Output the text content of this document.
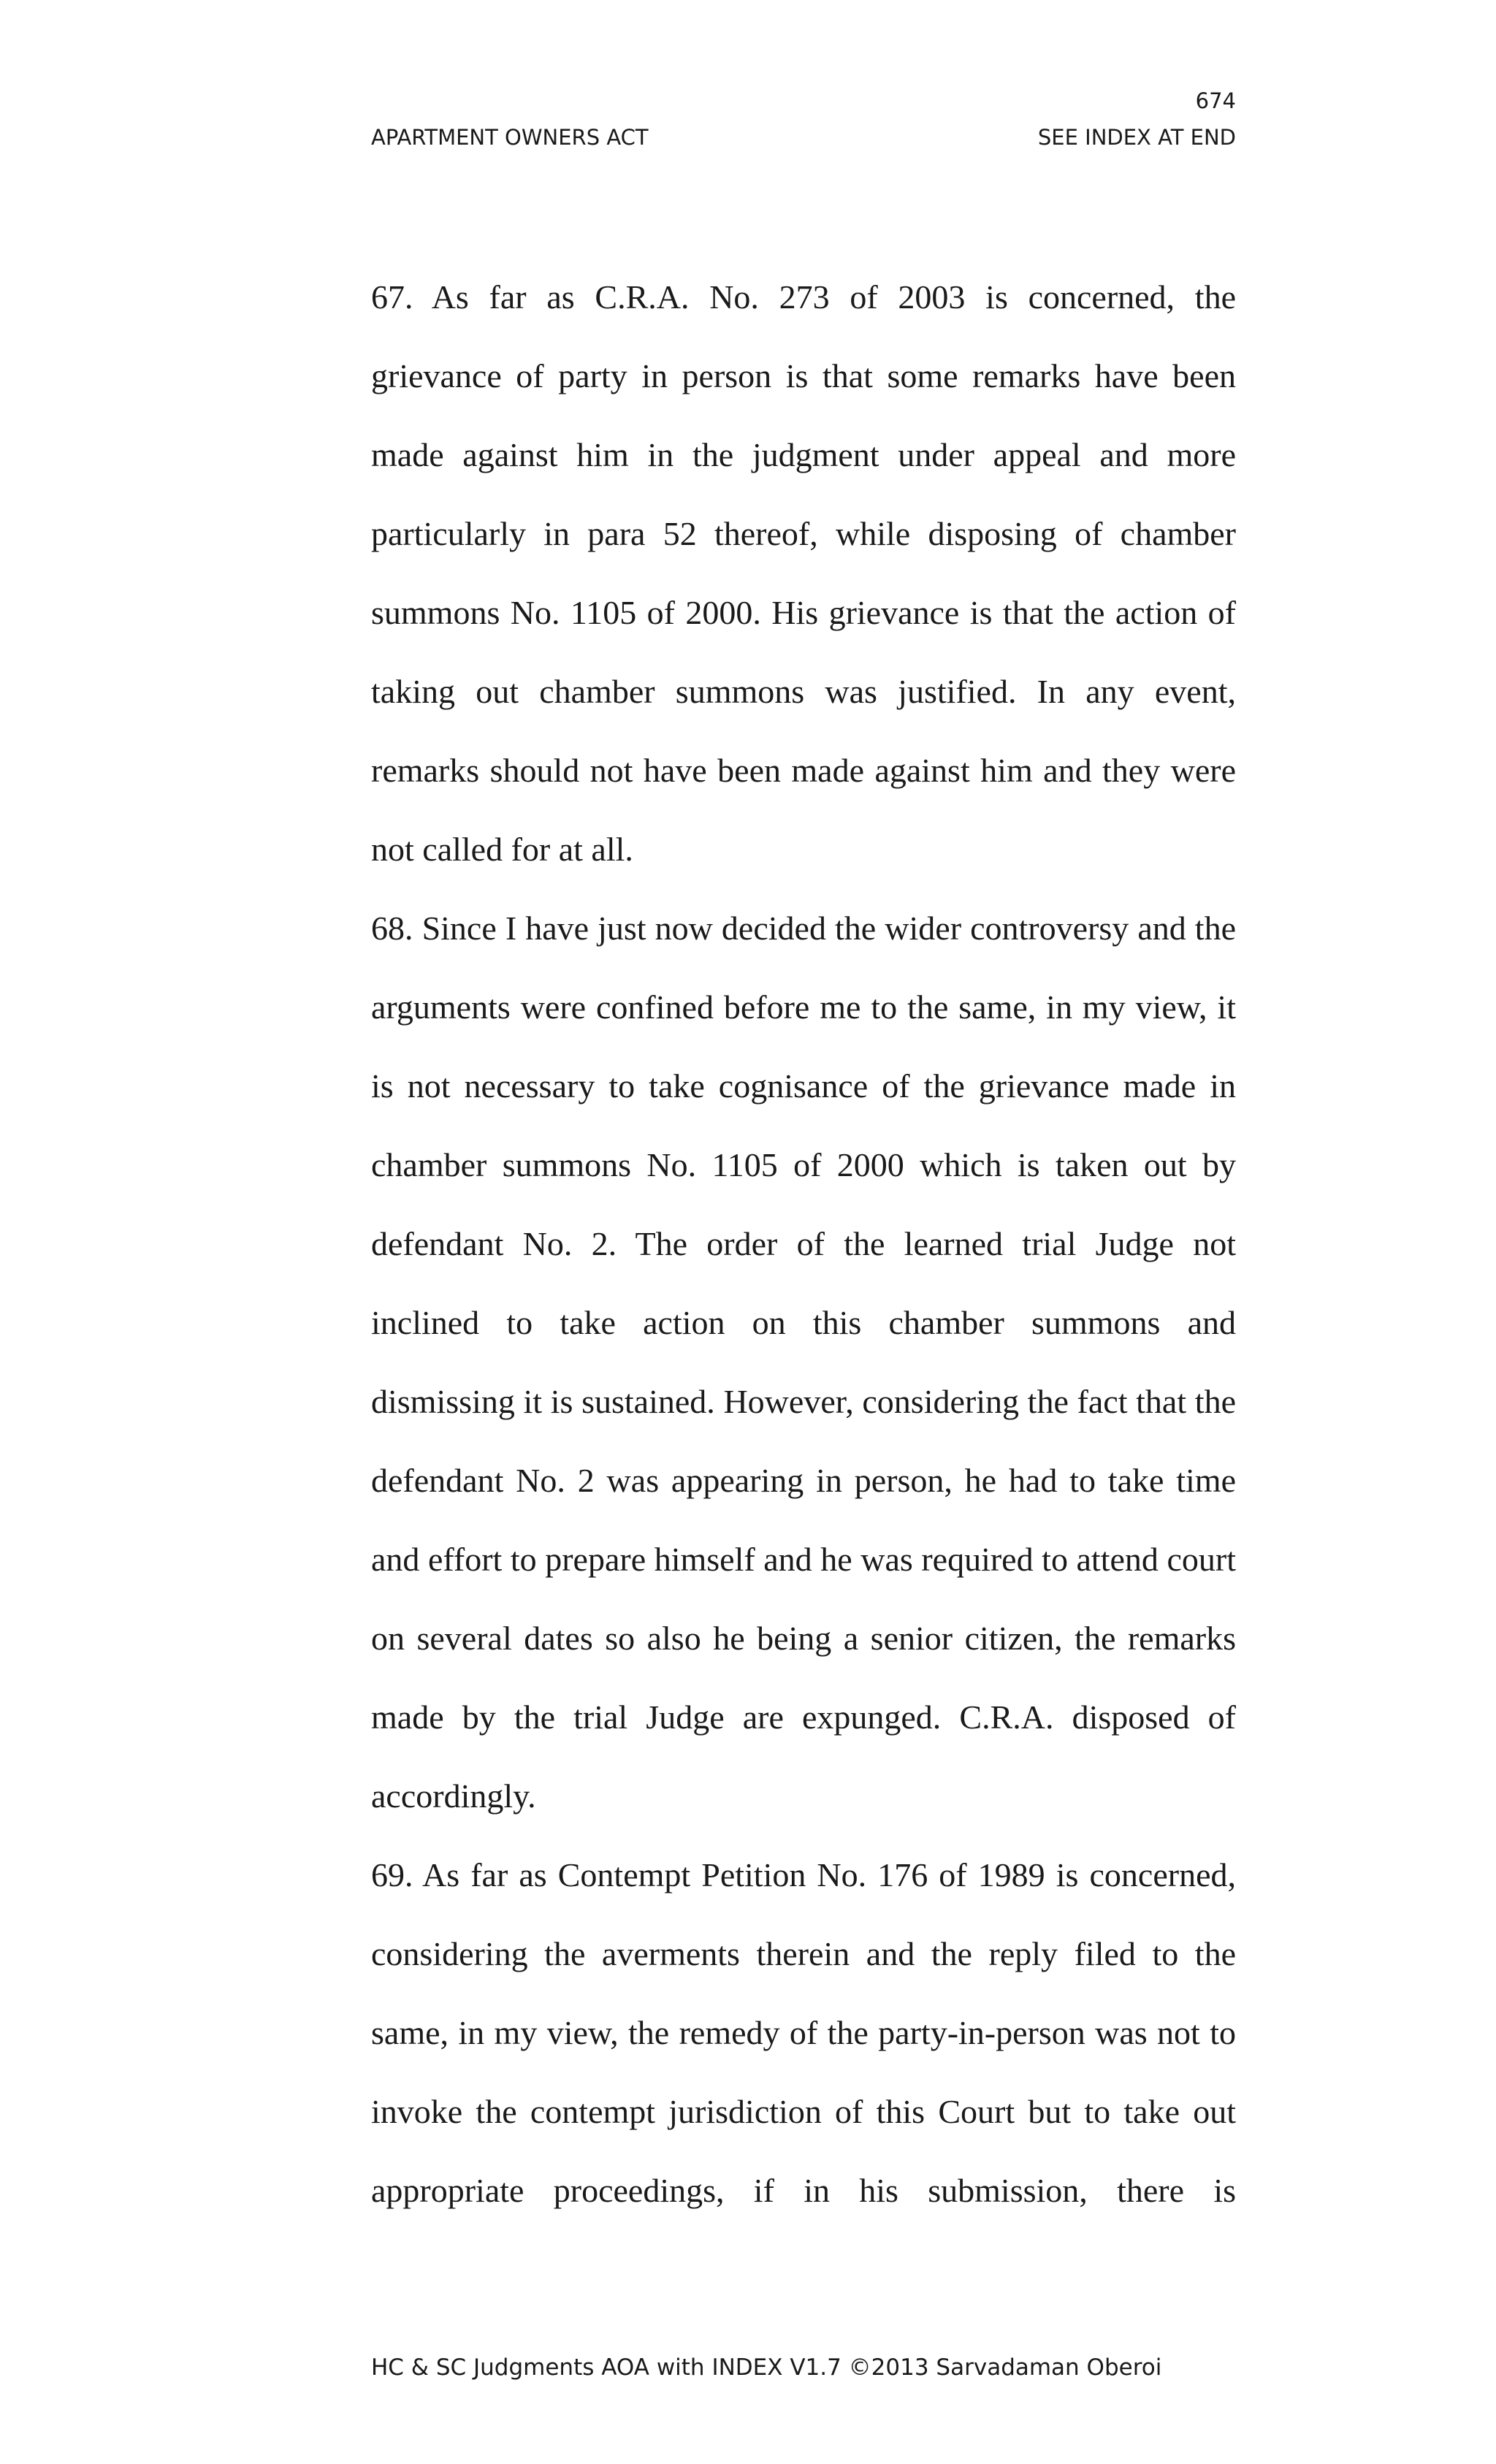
674
APARTMENT OWNERS ACT	SEE INDEX AT END

67. As far as C.R.A. No. 273 of 2003 is concerned, the grievance of party in person is that some remarks have been made against him in the judgment under appeal and more particularly in para 52 thereof, while disposing of chamber summons No. 1105 of 2000. His grievance is that the action of taking out chamber summons was justified. In any event, remarks should not have been made against him and they were not called for at all.

68. Since I have just now decided the wider controversy and the arguments were confined before me to the same, in my view, it is not necessary to take cognisance of the grievance made in chamber summons No. 1105 of 2000 which is taken out by defendant No. 2. The order of the learned trial Judge not inclined to take action on this chamber summons and dismissing it is sustained. However, considering the fact that the defendant No. 2 was appearing in person, he had to take time and effort to prepare himself and he was required to attend court on several dates so also he being a senior citizen, the remarks made by the trial Judge are expunged. C.R.A. disposed of accordingly.

69. As far as Contempt Petition No. 176 of 1989 is concerned, considering the averments therein and the reply filed to the same, in my view, the remedy of the party-in-person was not to invoke the contempt jurisdiction of this Court but to take out appropriate proceedings, if in his submission, there is

HC & SC Judgments AOA with INDEX V1.7 ©2013 Sarvadaman Oberoi
